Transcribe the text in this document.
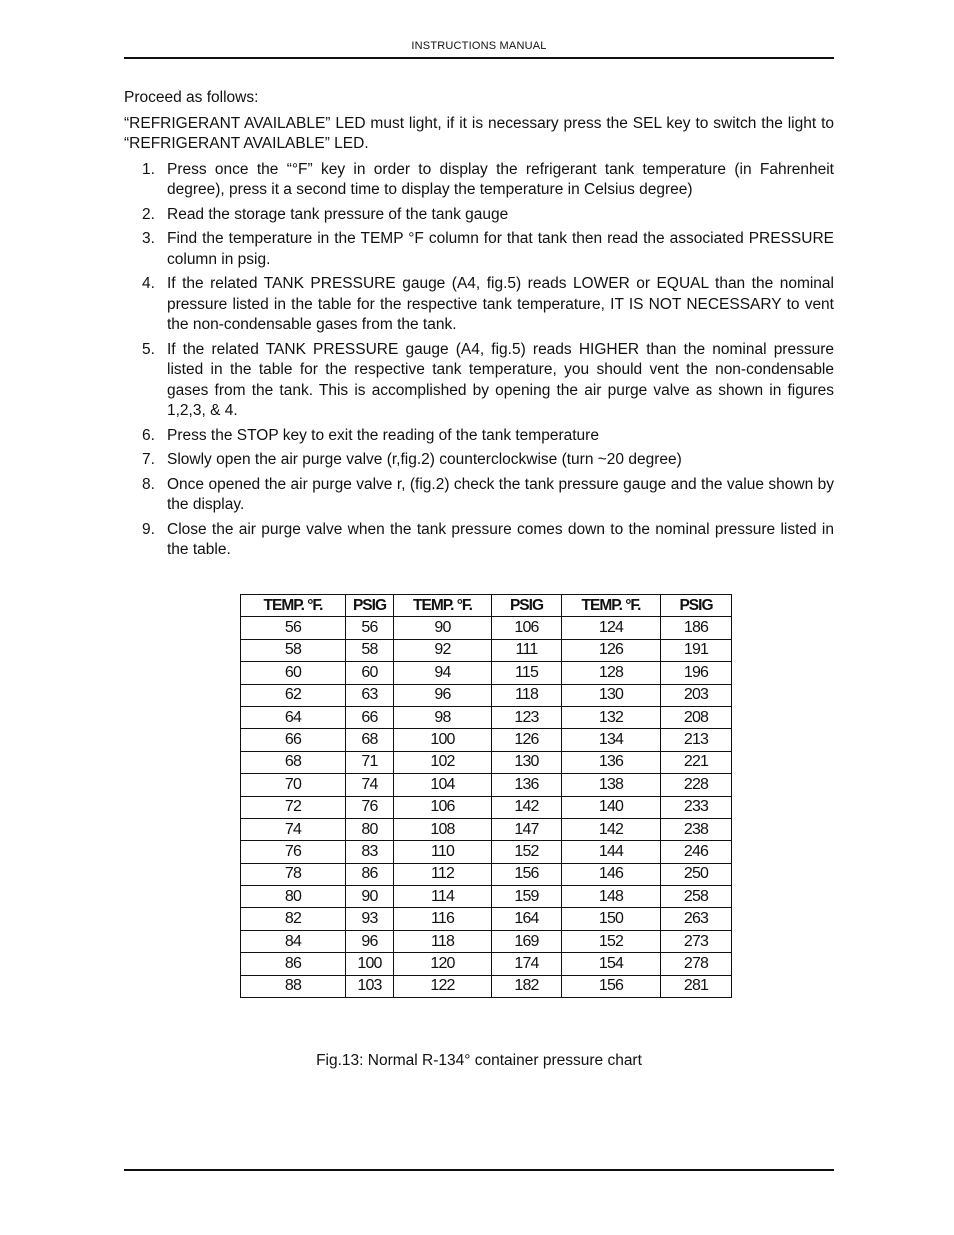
INSTRUCTIONS MANUAL

Proceed as follows:

“REFRIGERANT AVAILABLE” LED must light, if it is necessary press the SEL key to switch the light to “REFRIGERANT AVAILABLE” LED.

1. Press once the “°F” key in order to display the refrigerant tank temperature (in Fahrenheit degree), press it a second time to display the temperature in Celsius degree)
2. Read the storage tank pressure of the tank gauge
3. Find the temperature in the TEMP °F column for that tank then read the associated PRESSURE column in psig.
4. If the related TANK PRESSURE gauge (A4, fig.5) reads LOWER or EQUAL than the nominal pressure listed in the table for the respective tank temperature, IT IS NOT NECESSARY to vent the non-condensable gases from the tank.
5. If the related TANK PRESSURE gauge (A4, fig.5) reads HIGHER than the nominal pressure listed in the table for the respective tank temperature, you should vent the non-condensable gases from the tank. This is accomplished by opening the air purge valve as shown in figures 1,2,3, & 4.
6. Press the STOP key to exit the reading of the tank temperature
7. Slowly open the air purge valve (r,fig.2) counterclockwise (turn ~20 degree)
8. Once opened the air purge valve r, (fig.2) check the tank pressure gauge and the value shown by the display.
9. Close the air purge valve when the tank pressure comes down to the nominal pressure listed in the table.
TEMP. °F.	PSIG	TEMP. °F.	PSIG	TEMP. °F.	PSIG
56	56	90	106	124	186
58	58	92	111	126	191
60	60	94	115	128	196
62	63	96	118	130	203
64	66	98	123	132	208
66	68	100	126	134	213
68	71	102	130	136	221
70	74	104	136	138	228
72	76	106	142	140	233
74	80	108	147	142	238
76	83	110	152	144	246
78	86	112	156	146	250
80	90	114	159	148	258
82	93	116	164	150	263
84	96	118	169	152	273
86	100	120	174	154	278
88	103	122	182	156	281
Fig.13: Normal R-134° container pressure chart
